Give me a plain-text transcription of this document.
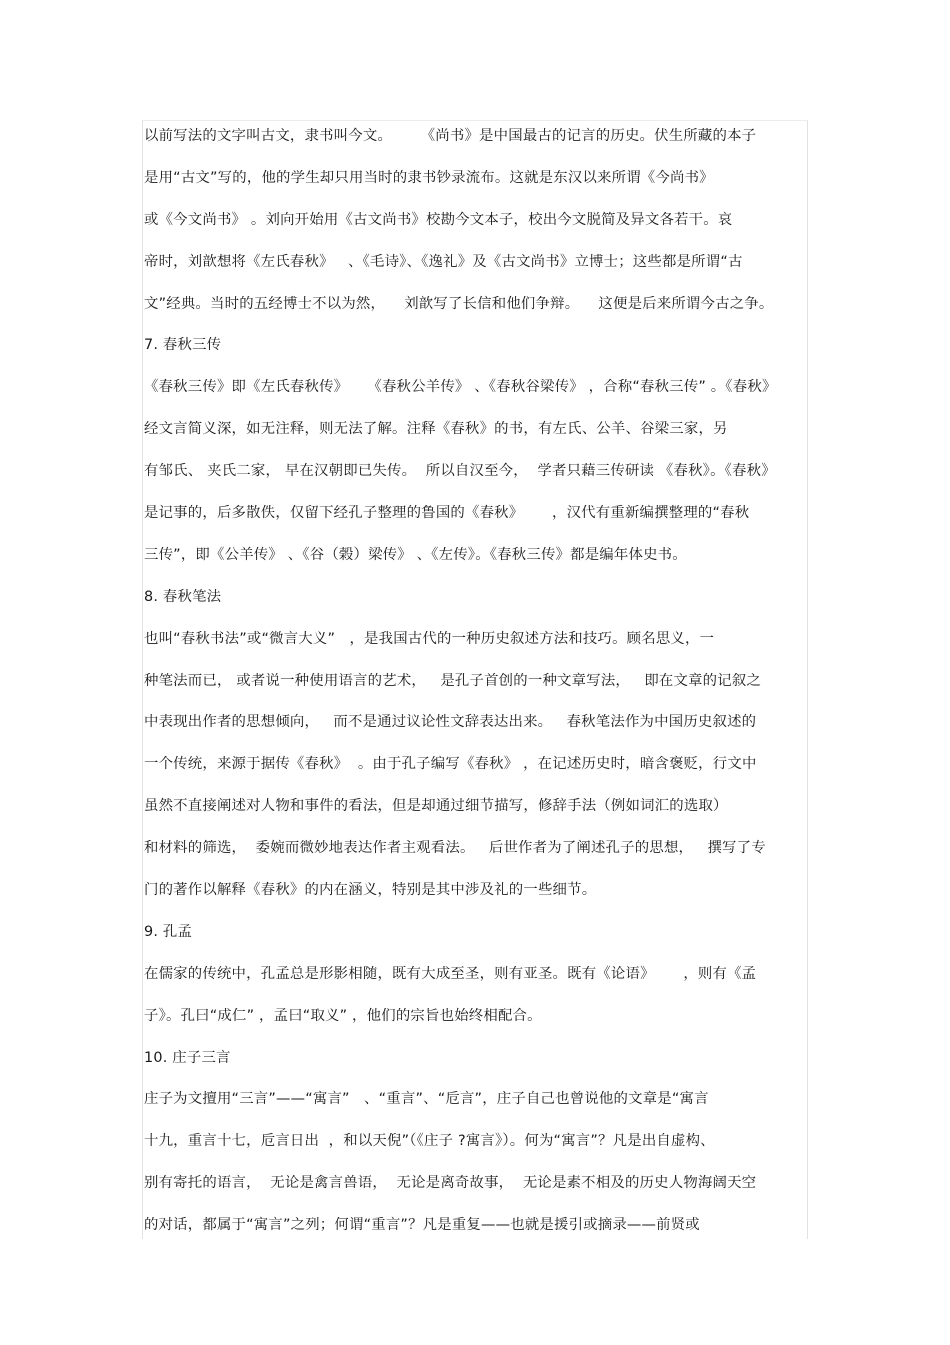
以前写法的文字叫古文，隶书叫今文。      《尚书》是中国最古的记言的历史。伏生所藏的本子
是用“古文”写的，他的学生却只用当时的隶书钞录流布。这就是东汉以来所谓《今尚书》
或《今文尚书》 。刘向开始用《古文尚书》校勘今文本子，校出今文脱简及异文各若干。哀
帝时，刘歆想将《左氏春秋》   、《毛诗》、《逸礼》及《古文尚书》立博士；这些都是所谓“古
文”经典。当时的五经博士不以为然，    刘歆写了长信和他们争辩。    这便是后来所谓今古之争。
7. 春秋三传
《春秋三传》即《左氏春秋传》    《春秋公羊传》 、《春秋谷梁传》 ，合称“春秋三传” 。《春秋》
经文言简义深，如无注释，则无法了解。注释《春秋》的书，有左氏、公羊、谷梁三家，另
有邹氏、 夹氏二家， 早在汉朝即已失传。  所以自汉至今，  学者只藉三传研读 《春秋》。《春秋》
是记事的，后多散佚，仅留下经孔子整理的鲁国的《春秋》      ，汉代有重新编撰整理的“春秋
三传”，即《公羊传》 、《谷（榖）梁传》 、《左传》。《春秋三传》都是编年体史书。
8. 春秋笔法
也叫“春秋书法”或“微言大义”   ，是我国古代的一种历史叙述方法和技巧。顾名思义，一
种笔法而已， 或者说一种使用语言的艺术，   是孔子首创的一种文章写法，   即在文章的记叙之
中表现出作者的思想倾向，   而不是通过议论性文辞表达出来。   春秋笔法作为中国历史叙述的
一个传统，来源于据传《春秋》  。由于孔子编写《春秋》 ，在记述历史时，暗含褒贬，行文中
虽然不直接阐述对人物和事件的看法，但是却通过细节描写，修辞手法（例如词汇的选取）
和材料的筛选，  委婉而微妙地表达作者主观看法。   后世作者为了阐述孔子的思想，   撰写了专
门的著作以解释《春秋》的内在涵义，特别是其中涉及礼的一些细节。
9. 孔孟
在儒家的传统中，孔孟总是形影相随，既有大成至圣，则有亚圣。既有《论语》      ，则有《孟
子》。孔曰“成仁” ，孟曰“取义” ，他们的宗旨也始终相配合。
10. 庄子三言
庄子为文擅用“三言”——“寓言”   、“重言”、“卮言”，庄子自己也曾说他的文章是“寓言
十九，重言十七，卮言日出  ，和以天倪”（《庄子 ?寓言》）。何为“寓言”？凡是出自虚构、
别有寄托的语言，  无论是禽言兽语，  无论是离奇故事，  无论是素不相及的历史人物海阔天空
的对话，都属于“寓言”之列；何谓“重言”？凡是重复——也就是援引或摘录——前贤或
